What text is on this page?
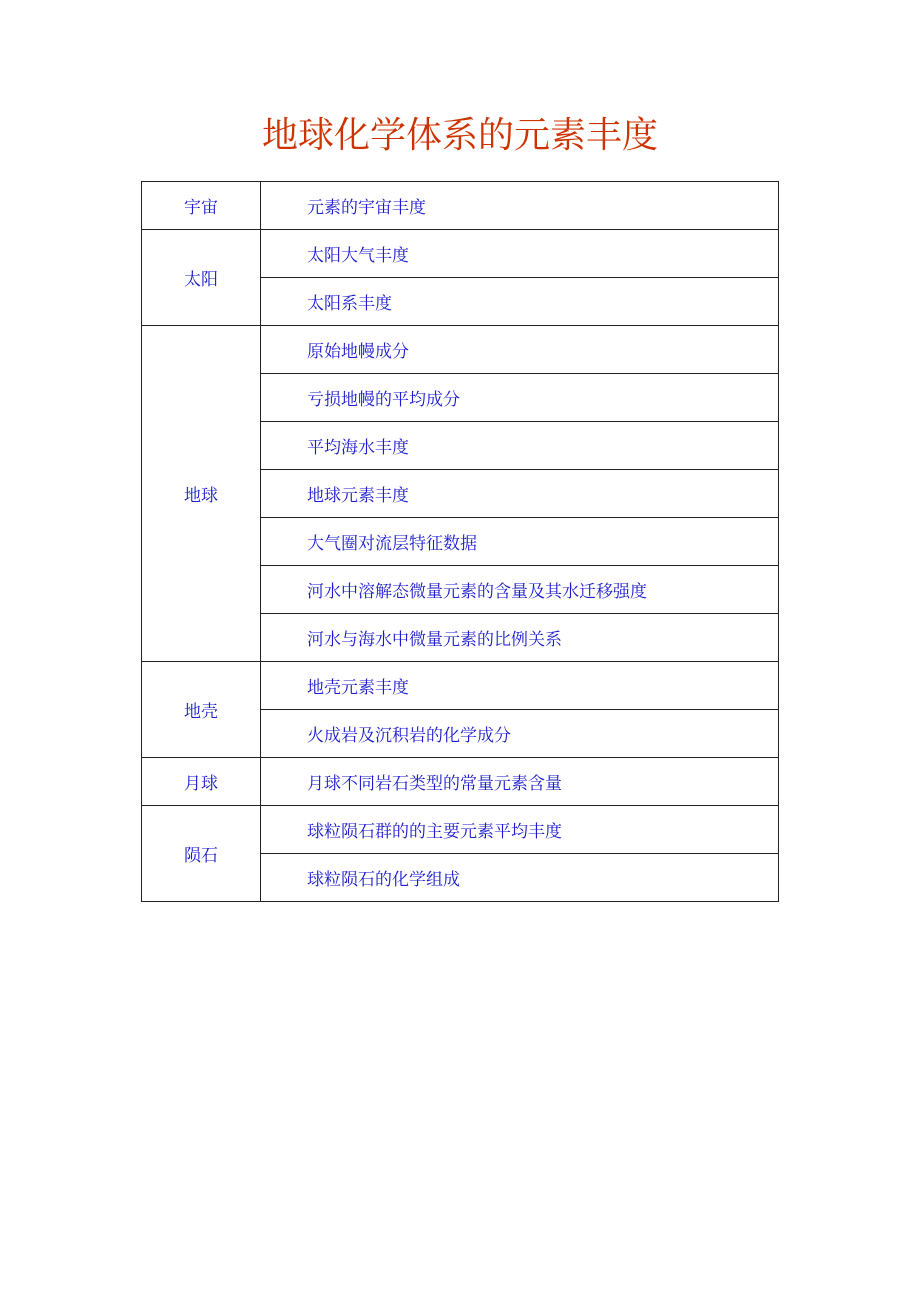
地球化学体系的元素丰度
宇宙	元素的宇宙丰度
太阳	太阳大气丰度
	太阳系丰度
地球	原始地幔成分
	亏损地幔的平均成分
	平均海水丰度
	地球元素丰度
	大气圈对流层特征数据
	河水中溶解态微量元素的含量及其水迁移强度
	河水与海水中微量元素的比例关系
地壳	地壳元素丰度
	火成岩及沉积岩的化学成分
月球	月球不同岩石类型的常量元素含量
陨石	球粒陨石群的的主要元素平均丰度
	球粒陨石的化学组成
